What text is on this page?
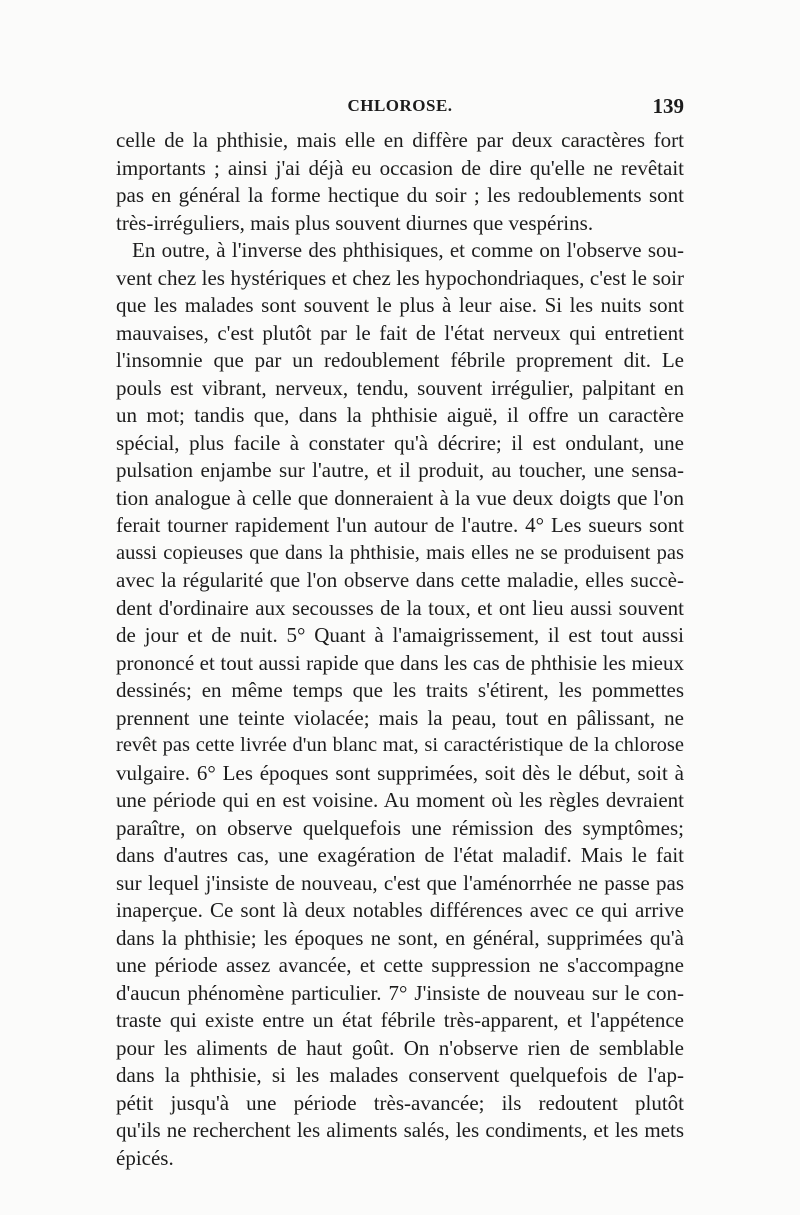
CHLOROSE.	139
celle de la phthisie, mais elle en diffère par deux caractères fort
importants ; ainsi j'ai déjà eu occasion de dire qu'elle ne revêtait
pas en général la forme hectique du soir ; les redoublements sont
très-irréguliers, mais plus souvent diurnes que vespérins.
En outre, à l'inverse des phthisiques, et comme on l'observe sou-
vent chez les hystériques et chez les hypochondriaques, c'est le soir
que les malades sont souvent le plus à leur aise. Si les nuits sont
mauvaises, c'est plutôt par le fait de l'état nerveux qui entretient
l'insomnie que par un redoublement fébrile proprement dit. Le
pouls est vibrant, nerveux, tendu, souvent irrégulier, palpitant en
un mot; tandis que, dans la phthisie aiguë, il offre un caractère
spécial, plus facile à constater qu'à décrire; il est ondulant, une
pulsation enjambe sur l'autre, et il produit, au toucher, une sensa-
tion analogue à celle que donneraient à la vue deux doigts que l'on
ferait tourner rapidement l'un autour de l'autre. 4° Les sueurs sont
aussi copieuses que dans la phthisie, mais elles ne se produisent pas
avec la régularité que l'on observe dans cette maladie, elles succè-
dent d'ordinaire aux secousses de la toux, et ont lieu aussi souvent
de jour et de nuit. 5° Quant à l'amaigrissement, il est tout aussi
prononcé et tout aussi rapide que dans les cas de phthisie les mieux
dessinés; en même temps que les traits s'étirent, les pommettes
prennent une teinte violacée; mais la peau, tout en pâlissant, ne
revêt pas cette livrée d'un blanc mat, si caractéristique de la chlorose
vulgaire. 6° Les époques sont supprimées, soit dès le début, soit à
une période qui en est voisine. Au moment où les règles devraient
paraître, on observe quelquefois une rémission des symptômes;
dans d'autres cas, une exagération de l'état maladif. Mais le fait
sur lequel j'insiste de nouveau, c'est que l'aménorrhée ne passe pas
inaperçue. Ce sont là deux notables différences avec ce qui arrive
dans la phthisie; les époques ne sont, en général, supprimées qu'à
une période assez avancée, et cette suppression ne s'accompagne
d'aucun phénomène particulier. 7° J'insiste de nouveau sur le con-
traste qui existe entre un état fébrile très-apparent, et l'appétence
pour les aliments de haut goût. On n'observe rien de semblable
dans la phthisie, si les malades conservent quelquefois de l'ap-
pétit jusqu'à une période très-avancée; ils redoutent plutôt
qu'ils ne recherchent les aliments salés, les condiments, et les mets
épicés.
